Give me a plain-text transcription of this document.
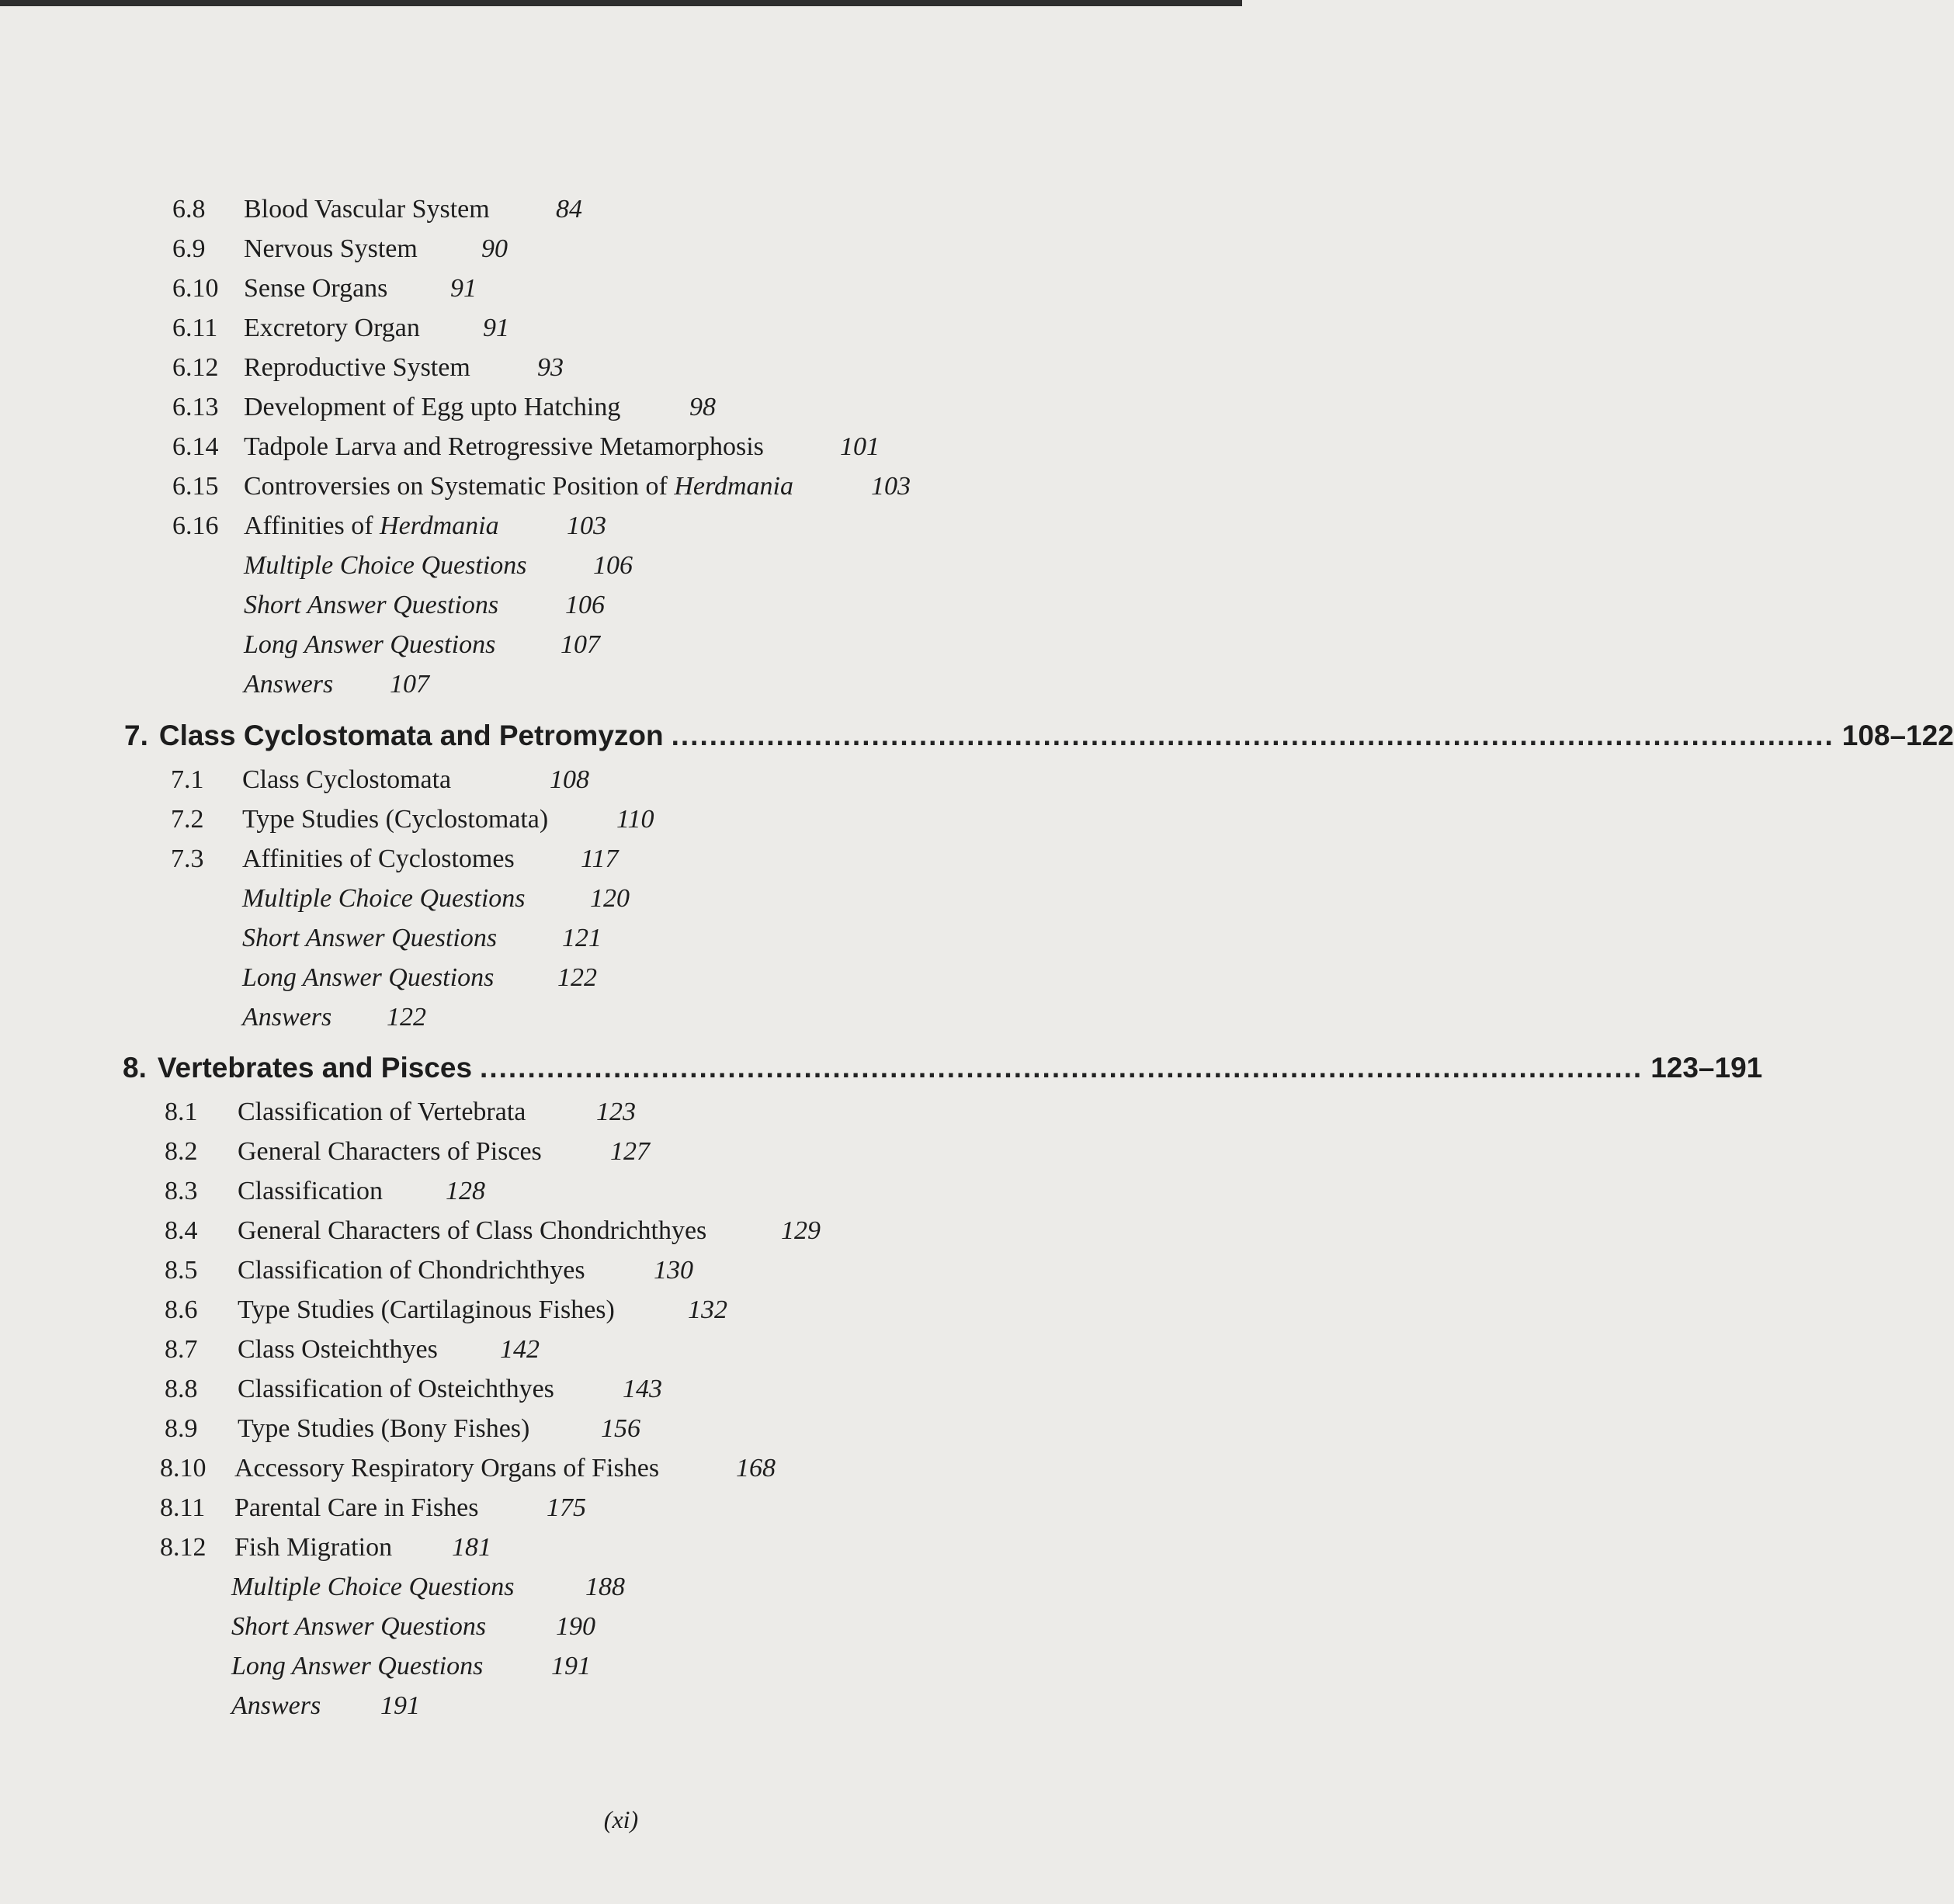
6.8 Blood Vascular System	84
6.9 Nervous System 90
6.10 Sense Organs 91
6.11 Excretory Organ 91
6.12 Reproductive System	93
6.13 Development of Egg upto Hatching	98
6.14 Tadpole Larva and Retrogressive Metamorphosis	101
6.15 Controversies on Systematic Position of Herdmania	103
6.16 Affinities of Herdmania	103
Multiple Choice Questions	106
Short Answer Questions	106
Long Answer Questions 107
Answers 107
7. Class Cyclostomata and Petromyzon .......................................................................................................................... 108–122
7.1 Class Cyclostomata	108
7.2 Type Studies (Cyclostomata)	110
7.3 Affinities of Cyclostomes	117
Multiple Choice Questions 120
Short Answer Questions 121
Long Answer Questions 122
Answers 122
8. Vertebrates and Pisces .......................................................................................................................... 123–191
8.1 Classification of Vertebrata	123
8.2 General Characters of Pisces	127
8.3 Classification 128
8.4 General Characters of Class Chondrichthyes	129
8.5 Classification of Chondrichthyes	130
8.6 Type Studies (Cartilaginous Fishes)	132
8.7 Class Osteichthyes 142
8.8 Classification of Osteichthyes	143
8.9 Type Studies (Bony Fishes)	156
8.10 Accessory Respiratory Organs of Fishes	168
8.11 Parental Care in Fishes	175
8.12 Fish Migration 181
Multiple Choice Questions	188
Short Answer Questions	190
Long Answer Questions	191
Answers 191
(xi)
